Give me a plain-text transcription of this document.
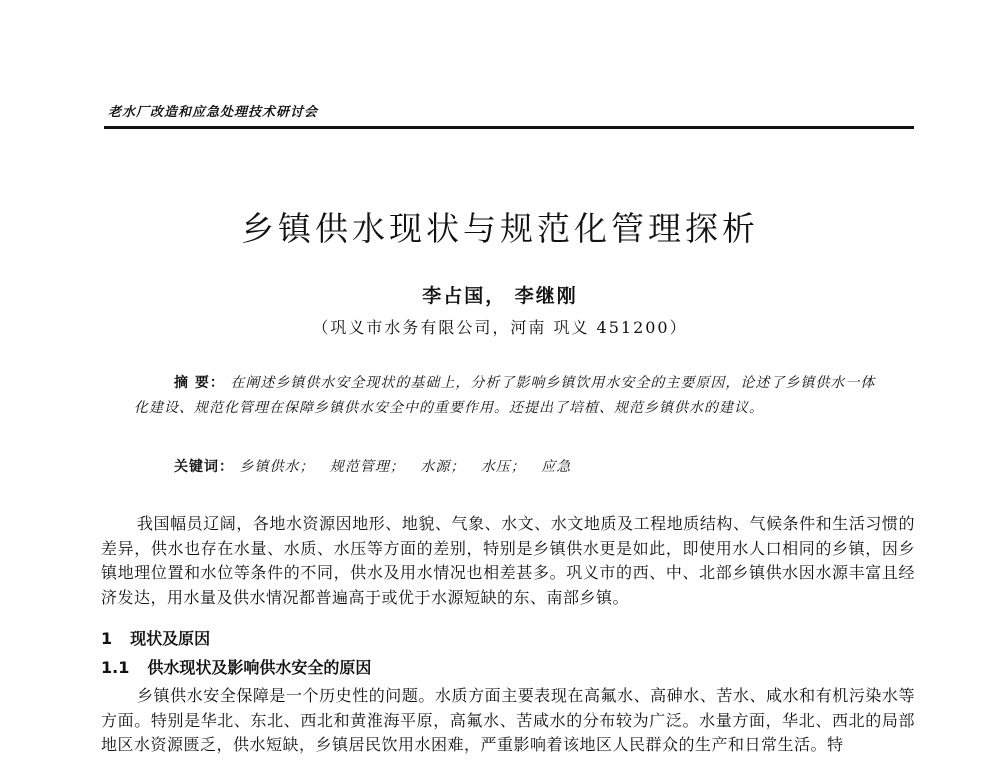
老水厂改造和应急处理技术研讨会
乡镇供水现状与规范化管理探析
李占国， 李继刚
（巩义市水务有限公司，河南 巩义 451200）
摘 要： 在阐述乡镇供水安全现状的基础上，分析了影响乡镇饮用水安全的主要原因，论述了乡镇供水一体化建设、规范化管理在保障乡镇供水安全中的重要作用。还提出了培植、规范乡镇供水的建议。
关键词： 乡镇供水； 规范管理； 水源； 水压； 应急

我国幅员辽阔，各地水资源因地形、地貌、气象、水文、水文地质及工程地质结构、气候条件和生活习惯的差异，供水也存在水量、水质、水压等方面的差别，特别是乡镇供水更是如此，即使用水人口相同的乡镇，因乡镇地理位置和水位等条件的不同，供水及用水情况也相差甚多。巩义市的西、中、北部乡镇供水因水源丰富且经济发达，用水量及供水情况都普遍高于或优于水源短缺的东、南部乡镇。

1 现状及原因
1.1 供水现状及影响供水安全的原因

乡镇供水安全保障是一个历史性的问题。水质方面主要表现在高氟水、高砷水、苦水、咸水和有机污染水等方面。特别是华北、东北、西北和黄淮海平原，高氟水、苦咸水的分布较为广泛。水量方面，华北、西北的局部地区水资源匮乏，供水短缺，乡镇居民饮用水困难，严重影响着该地区人民群众的生产和日常生活。特
